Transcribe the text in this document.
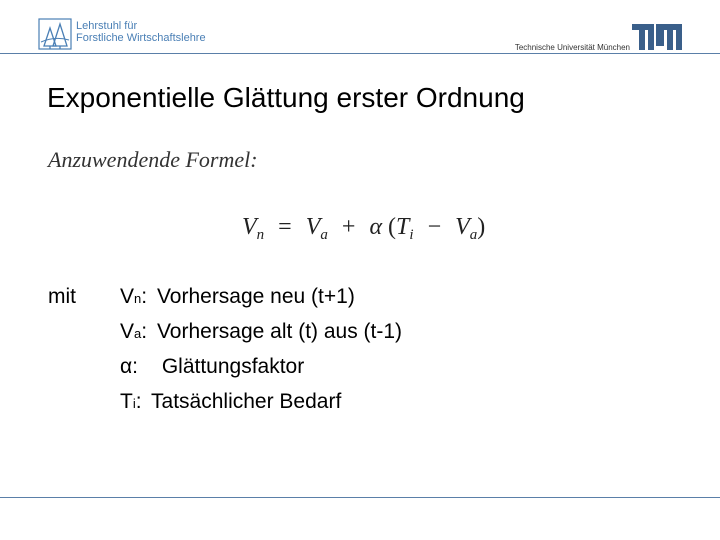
Lehrstuhl für
Forstliche Wirtschaftslehre
Technische Universität München
Exponentielle Glättung erster Ordnung
Anzuwendende Formel:
$V_n = V_a + \alpha$ $(T_i - V_a)$
mit Vn: Vorhersage neu (t+1)
Va: Vorhersage alt (t) aus (t-1)
α: Glättungsfaktor
Ti: Tatsächlicher Bedarf
